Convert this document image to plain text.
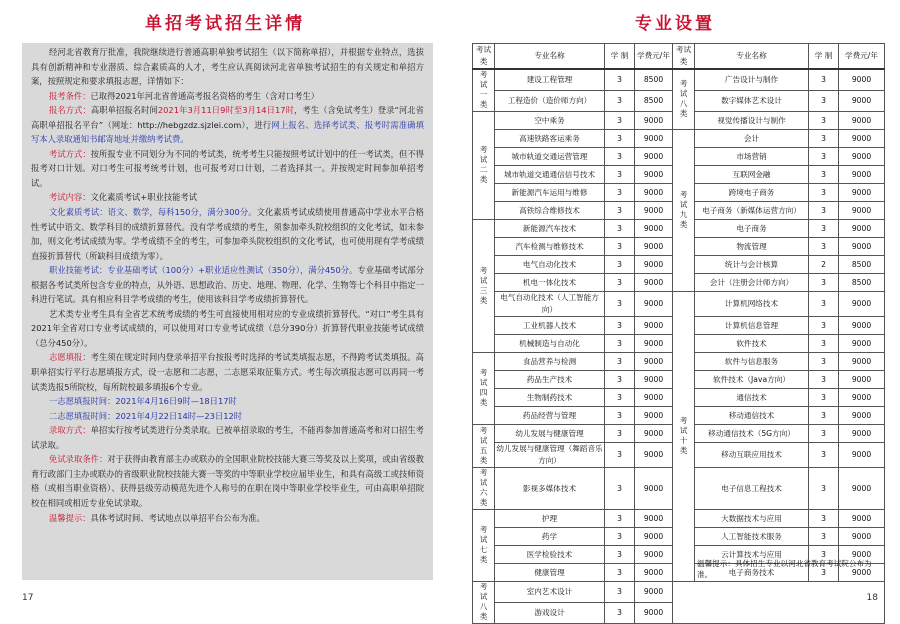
单招考试招生详情

经河北省教育厅批准，我院继续进行普通高职单独考试招生（以下简称单招），并根据专业特点，选拔具有创新精神和专业潜质、综合素质高的人才，考生应认真阅读河北省单独考试招生的有关规定和单招方案，按照规定和要求填报志愿，详情如下：

报考条件：已取得2021年河北省普通高考报名资格的考生（含对口考生）

报名方式：高职单招报名时间2021年3月11日9时至3月14日17时，考生（含免试考生）登录“河北省高职单招报名平台”（网址：http://hebgzdz.sjzlei.com），进行网上报名、选择考试类、报考时需准确填写本人录取通知书邮寄地址并缴纳考试费。

考试方式：按所报专业不同划分为不同的考试类，统考考生只能按照考试计划中的任一考试类，但不得报考对口计划。对口考生可报考统考计划，也可报考对口计划，二者选择其一。并按规定时间参加单招考试。

考试内容：文化素质考试+职业技能考试

文化素质考试：语文、数学，每科150分，满分300分。文化素质考试成绩使用普通高中学业水平合格性考试中语文、数学科目的成绩折算替代。没有学考成绩的考生，须参加牵头院校组织的文化考试，如未参加，则文化考试成绩为零。学考成绩不全的考生，可参加牵头院校组织的文化考试，也可使用现有学考成绩直接折算替代（所缺科目成绩为零）。

职业技能考试：专业基础考试（100分）+职业适应性测试（350分），满分450分。专业基础考试部分根据各考试类所包含专业的特点，从外语、思想政治、历史、地理、物理、化学、生物等七个科目中指定一科进行笔试。具有相应科目学考成绩的考生，使用该科目学考成绩折算替代。

艺术类专业考生具有全省艺术统考成绩的考生可直接使用相对应的专业成绩折算替代。“对口”考生具有2021年全省对口专业考试成绩的，可以使用对口专业考试成绩（总分390分）折算替代职业技能考试成绩（总分450分）。

志愿填报：考生须在规定时间内登录单招平台按报考时选择的考试类填报志愿，不得跨考试类填报。高职单招实行平行志愿填报方式，设一志愿和二志愿，二志愿采取征集方式。考生每次填报志愿可以再同一考试类选报5所院校，每所院校最多填报6个专业。

一志愿填报时间：2021年4月16日9时—18日17时

二志愿填报时间：2021年4月22日14时—23日12时

录取方式：单招实行按考试类进行分类录取。已被单招录取的考生，不能再参加普通高考和对口招生考试录取。

免试录取条件：对于获得由教育部主办或联办的全国职业院校技能大赛三等奖及以上奖项，或由省级教育行政部门主办或联办的省级职业院校技能大赛一等奖的中等职业学校应届毕业生，和具有高级工或技师资格（或相当职业资格）、获得县级劳动模范先进个人称号的在职在岗中等职业学校毕业生，可由高职单招院校在相同或相近专业免试录取。

温馨提示：具体考试时间、考试地点以单招平台公布为准。

17
专业设置
考试类	专业名称	学 制	学费元/年	考试类	专业名称	学 制	学费元/年
考试一类	建设工程管理	3	8500	考试八类	广告设计与制作	3	9000
	工程造价（造价师方向）	3	8500		数字媒体艺术设计	3	9000
考试二类	空中乘务	3	9000		视觉传播设计与制作	3	9000
	高速铁路客运乘务	3	9000	考试九类	会计	3	9000
	城市轨道交通运营管理	3	9000		市场营销	3	9000
	城市轨道交通通信信号技术	3	9000		互联网金融	3	9000
	新能源汽车运用与维修	3	9000		跨境电子商务	3	9000
	高铁综合维修技术	3	9000		电子商务（新媒体运营方向）	3	9000
考试三类	新能源汽车技术	3	9000		电子商务	3	9000
	汽车检测与维修技术	3	9000		物流管理	3	9000
	电气自动化技术	3	9000		统计与会计核算	2	8500
	机电一体化技术	3	9000		会计（注册会计师方向）	3	8500
	电气自动化技术（人工智能方向）	3	9000	考试十类	计算机网络技术	3	9000
	工业机器人技术	3	9000		计算机信息管理	3	9000
	机械制造与自动化	3	9000		软件技术	3	9000
考试四类	食品营养与检测	3	9000		软件与信息服务	3	9000
	药品生产技术	3	9000		软件技术（Java方向）	3	9000
	生物制药技术	3	9000		通信技术	3	9000
	药品经营与管理	3	9000		移动通信技术	3	9000
考试五类	幼儿发展与健康管理	3	9000		移动通信技术（5G方向）	3	9000
	幼儿发展与健康管理（舞蹈音乐方向）	3	9000		移动互联应用技术	3	9000
考试六类	影视多媒体技术	3	9000		电子信息工程技术	3	9000
考试七类	护理	3	9000		大数据技术与应用	3	9000
	药学	3	9000		人工智能技术服务	3	9000
	医学检验技术	3	9000		云计算技术与应用	3	9000
	健康管理	3	9000		电子商务技术	3	9000
考试八类	室内艺术设计	3	9000				
	游戏设计	3	9000				
温馨提示：具体招生专业以河北省教育考试院公布为准。
18
